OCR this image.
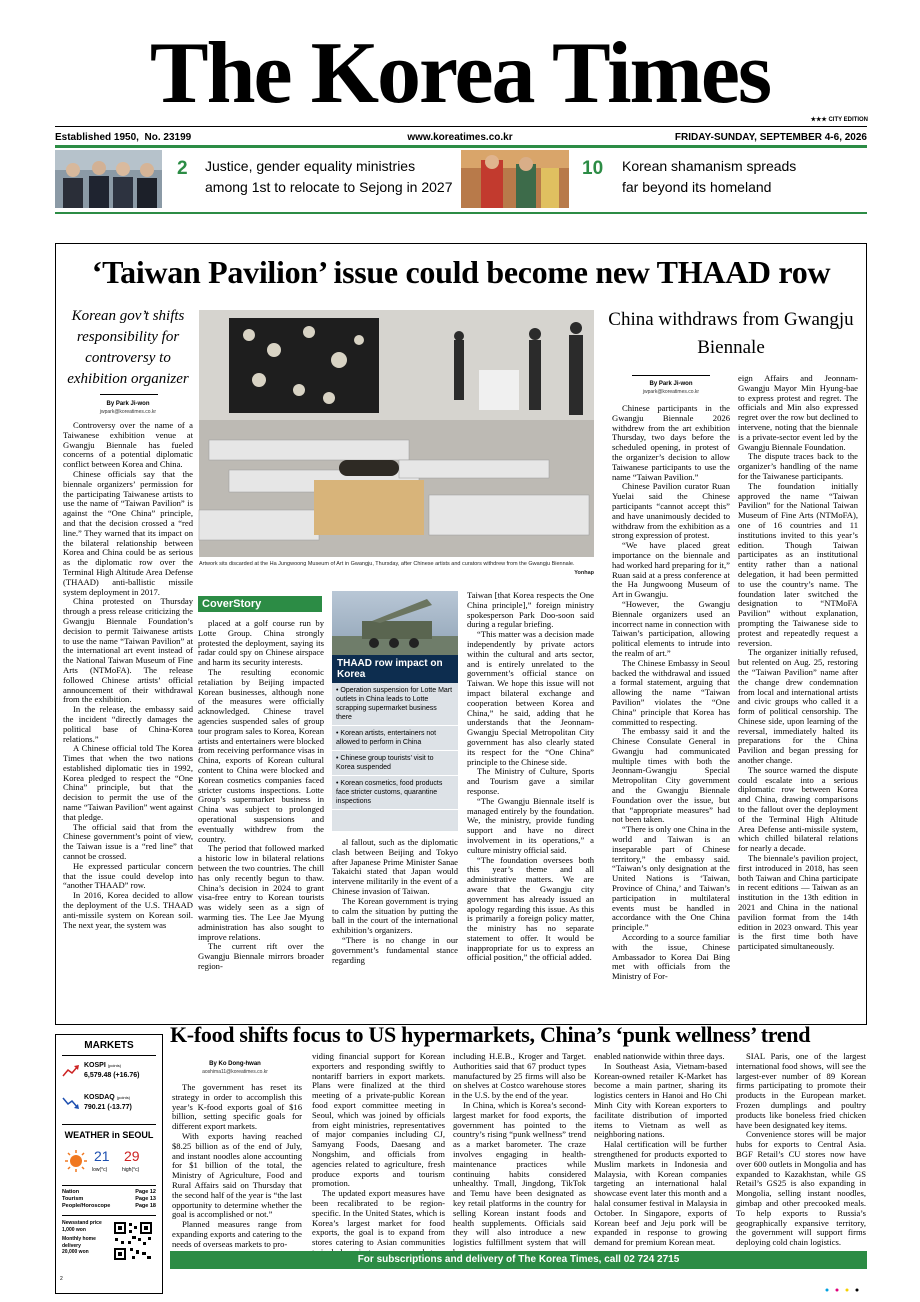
The Korea Times	★★★ CITY EDITION
Established 1950, No. 23199	www.koreatimes.co.kr	FRIDAY-SUNDAY, SEPTEMBER 4-6, 2026
2 Justice, gender equality ministries
among 1st to relocate to Sejong in 2027
10 Korean shamanism spreads
far beyond its homeland
‘Taiwan Pavilion’ issue could become new THAAD row
Korean gov’t shifts responsibility for controversy to exhibition organizer
By Park Ji-won
jwpark@koreatimes.co.kr

Controversy over the name of a Taiwanese exhibition venue at Gwangju Biennale has fueled concerns of a potential diplomatic conflict between Korea and China.

Chinese officials say that the biennale organizers’ permission for the participating Taiwanese artists to use the name of “Taiwan Pavilion” is against the “One China” principle, and that the decision crossed a “red line.” They warned that its impact on the bilateral relationship between Korea and China could be as serious as the diplomatic row over the Terminal High Altitude Area Defense (THAAD) anti-ballistic missile system deployment in 2017.

China protested on Thursday through a press release criticizing the Gwangju Biennale Foundation’s decision to permit Taiwanese artists to use the name “Taiwan Pavilion” at the international art event instead of the National Taiwan Museum of Fine Arts (NTMoFA). The release followed Chinese artists’ official announcement of their withdrawal from the exhibition.

In the release, the embassy said the incident “directly damages the political base of China-Korea relations.”

A Chinese official told The Korea Times that when the two nations established diplomatic ties in 1992, Korea pledged to respect the “One China” principle, but that the decision to permit the use of the name “Taiwan Pavilion” went against that pledge.

The official said that from the Chinese government’s point of view, the Taiwan issue is a “red line” that cannot be crossed.

He expressed particular concern that the issue could develop into “another THAAD” row.

In 2016, Korea decided to allow the deployment of the U.S. THAAD anti-missile system on Korean soil. The next year, the system was

Artwork sits discarded at the Ha Jungwoong Museum of Art in Gwangju, Thursday, after Chinese artists and curators withdrew from the Gwangju Biennale.
Yonhap
CoverStory

placed at a golf course run by Lotte Group. China strongly protested the deployment, saying its radar could spy on Chinese airspace and harm its security interests.

The resulting economic retaliation by Beijing impacted Korean businesses, although none of the measures were officially acknowledged. Chinese travel agencies suspended sales of group tour program sales to Korea, Korean artists and entertainers were blocked from receiving performance visas in China, exports of Korean cultural content to China were blocked and Korean cosmetics companies faced stricter customs inspections. Lotte Group’s supermarket business in China was subject to prolonged operational suspensions and eventually withdrew from the country.

The period that followed marked a historic low in bilateral relations between the two countries. The chill has only recently begun to thaw. China’s decision in 2024 to grant visa-free entry to Korean tourists was widely seen as a sign of warming ties. The Lee Jae Myung administration has also sought to improve relations.

The current rift over the Gwangju Biennale mirrors broader region-

THAAD row impact on Korea
• Operation suspension for Lotte Mart outlets in China leads to Lotte scrapping supermarket business there
• Korean artists, entertainers not allowed to perform in China
• Chinese group tourists’ visit to Korea suspended
• Korean cosmetics, food products face stricter customs, quarantine inspections

al fallout, such as the diplomatic clash between Beijing and Tokyo after Japanese Prime Minister Sanae Takaichi stated that Japan would intervene militarily in the event of a Chinese invasion of Taiwan.

The Korean government is trying to calm the situation by putting the ball in the court of the international exhibition’s organizers.

“There is no change in our government’s fundamental stance regarding

Taiwan [that Korea respects the One China principle],” foreign ministry spokesperson Park Doo-soon said during a regular briefing.

“This matter was a decision made independently by private actors within the cultural and arts sector, and is entirely unrelated to the government’s official stance on Taiwan. We hope this issue will not impact bilateral exchange and cooperation between Korea and China,” he said, adding that he understands that the Jeonnam-Gwangju Special Metropolitan City government has also clearly stated its respect for the “One China” principle to the Chinese side.

The Ministry of Culture, Sports and Tourism gave a similar response.

“The Gwangju Biennale itself is managed entirely by the foundation. We, the ministry, provide funding support and have no direct involvement in its operations,” a culture ministry official said.

“The foundation oversees both this year’s theme and all administrative matters. We are aware that the Gwangju city government has already issued an apology regarding this issue. As this is primarily a foreign policy matter, the ministry has no separate statement to offer. It would be inappropriate for us to express an official position,” the official added.

China withdraws from Gwangju Biennale
By Park Ji-won
jwpark@koreatimes.co.kr

Chinese participants in the Gwangju Biennale 2026 withdrew from the art exhibition Thursday, two days before the scheduled opening, in protest of the organizer’s decision to allow Taiwanese participants to use the name “Taiwan Pavilion.”

Chinese Pavilion curator Ruan Yuelai said the Chinese participants “cannot accept this” and have unanimously decided to withdraw from the exhibition as a strong expression of protest.

“We have placed great importance on the biennale and had worked hard preparing for it,” Ruan said at a press conference at the Ha Jungwoong Museum of Art in Gwangju.

“However, the Gwangju Biennale organizers used an incorrect name in connection with Taiwan’s participation, allowing political elements to intrude into the realm of art.”

The Chinese Embassy in Seoul backed the withdrawal and issued a formal statement, arguing that allowing the name “Taiwan Pavilion” violates the “One China” principle that Korea has committed to respecting.

The embassy said it and the Chinese Consulate General in Gwangju had communicated multiple times with both the Jeonnam-Gwangju Special Metropolitan City government and the Gwangju Biennale Foundation over the issue, but that “appropriate measures” had not been taken.

“There is only one China in the world and Taiwan is an inseparable part of Chinese territory,” the embassy said. “Taiwan’s only designation at the United Nations is ‘Taiwan, Province of China,’ and Taiwan’s participation in multilateral events must be handled in accordance with the One China principle.”

According to a source familiar with the issue, Chinese Ambassador to Korea Dai Bing met with officials from the Ministry of For-

eign Affairs and Jeonnam-Gwangju Mayor Min Hyung-bae to express protest and regret. The officials and Min also expressed regret over the row but declined to intervene, noting that the biennale is a private-sector event led by the Gwangju Biennale Foundation.

The dispute traces back to the organizer’s handling of the name for the Taiwanese participants.

The foundation initially approved the name “Taiwan Pavilion” for the National Taiwan Museum of Fine Arts (NTMoFA), one of 16 countries and 11 institutions invited to this year’s edition. Though Taiwan participates as an institutional entity rather than a national delegation, it had been permitted to use the country’s name. The foundation later switched the designation to “NTMoFA Pavilion” without explanation, prompting the Taiwanese side to protest and repeatedly request a reversion.

The organizer initially refused, but relented on Aug. 25, restoring the “Taiwan Pavilion” name after the change drew condemnation from local and international artists and civic groups who called it a form of political censorship. The Chinese side, upon learning of the reversal, immediately halted its preparations for the China Pavilion and began pressing for another change.

The source warned the dispute could escalate into a serious diplomatic row between Korea and China, drawing comparisons to the fallout over the deployment of the Terminal High Altitude Area Defense anti-missile system, which chilled bilateral relations for nearly a decade.

The biennale’s pavilion project, first introduced in 2018, has seen both Taiwan and China participate in recent editions — Taiwan as an institution in the 13th edition in 2021 and China in the national pavilion format from the 14th edition in 2023 onward. This year is the first time both have participated simultaneously.

MARKETS
KOSPI (points)
6,579.48 (+16.76)
KOSDAQ (points)
790.21 (-13.77)
WEATHER in SEOUL
21 29
low(°c)	high(°c)
Nation	Page 12
Tourism	Page 13
People/Horoscope	Page 18
Newsstand price
1,000 won
Monthly home delivery
20,000 won
K-food shifts focus to US hypermarkets, China’s ‘punk wellness’ trend
By Ko Dong-hwan
aoshima11@koreatimes.co.kr

The government has reset its strategy in order to accomplish this year’s K-food exports goal of $16 billion, setting specific goals for different export markets.

With exports having reached $8.25 billion as of the end of July, and instant noodles alone accounting for $1 billion of the total, the Ministry of Agriculture, Food and Rural Affairs said on Thursday that the second half of the year is “the last opportunity to determine whether the goal is accomplished or not.”

Planned measures range from expanding exports and catering to the needs of overseas markets to pro-

viding financial support for Korean exporters and responding swiftly to nontariff barriers in export markets. Plans were finalized at the third meeting of a private-public Korean food export committee meeting in Seoul, which was joined by officials from eight ministries, representatives of major companies including CJ, Samyang Foods, Daesang and Nongshim, and officials from agencies related to agriculture, fresh produce exports and tourism promotion.

The updated export measures have been recalibrated to be region-specific. In the United States, which is Korea’s largest market for food exports, the goal is to expand from stores catering to Asian communities

including H.E.B., Kroger and Target. Authorities said that 67 product types manufactured by 25 firms will also be on shelves at Costco warehouse stores in the U.S. by the end of the year.

In China, which is Korea’s second-largest market for food exports, the government has pointed to the country’s rising “punk wellness” trend as a market barometer. The craze involves engaging in health-maintenance practices while continuing habits considered unhealthy. Tmall, Jingdong, TikTok and Temu have been designated as key retail platforms in the country for selling Korean instant foods and health supplements. Officials said they will also introduce a new logistics fulfillment system that will

enabled nationwide within three days.

In Southeast Asia, Vietnam-based Korean-owned retailer K-Market has become a main partner, sharing its logistics centers in Hanoi and Ho Chi Minh City with Korean exporters to facilitate distribution of imported items to Vietnam as well as neighboring nations.

Halal certification will be further strengthened for products exported to Muslim markets in Indonesia and Malaysia, with Korean companies targeting an international halal showcase event later this month and a halal consumer festival in Malaysia in October. In Singapore, exports of Korean beef and Jeju pork will be expanded in response to growing demand for premium Korean meat.

SIAL Paris, one of the largest international food shows, will see the largest-ever number of 89 Korean firms participating to promote their products in the European market. Frozen dumplings and poultry products like boneless fried chicken have been designated key items.

Convenience stores will be major hubs for exports to Central Asia. BGF Retail’s CU stores now have over 600 outlets in Mongolia and has expanded to Kazakhstan, while GS Retail’s GS25 is also expanding in Mongolia, selling instant noodles, gimbap and other precooked meals. To help exports to Russia’s geographically expansive territory, the government will support firms deploying cold chain logistics.

For subscriptions and delivery of The Korea Times, call 02 724 2715
2
